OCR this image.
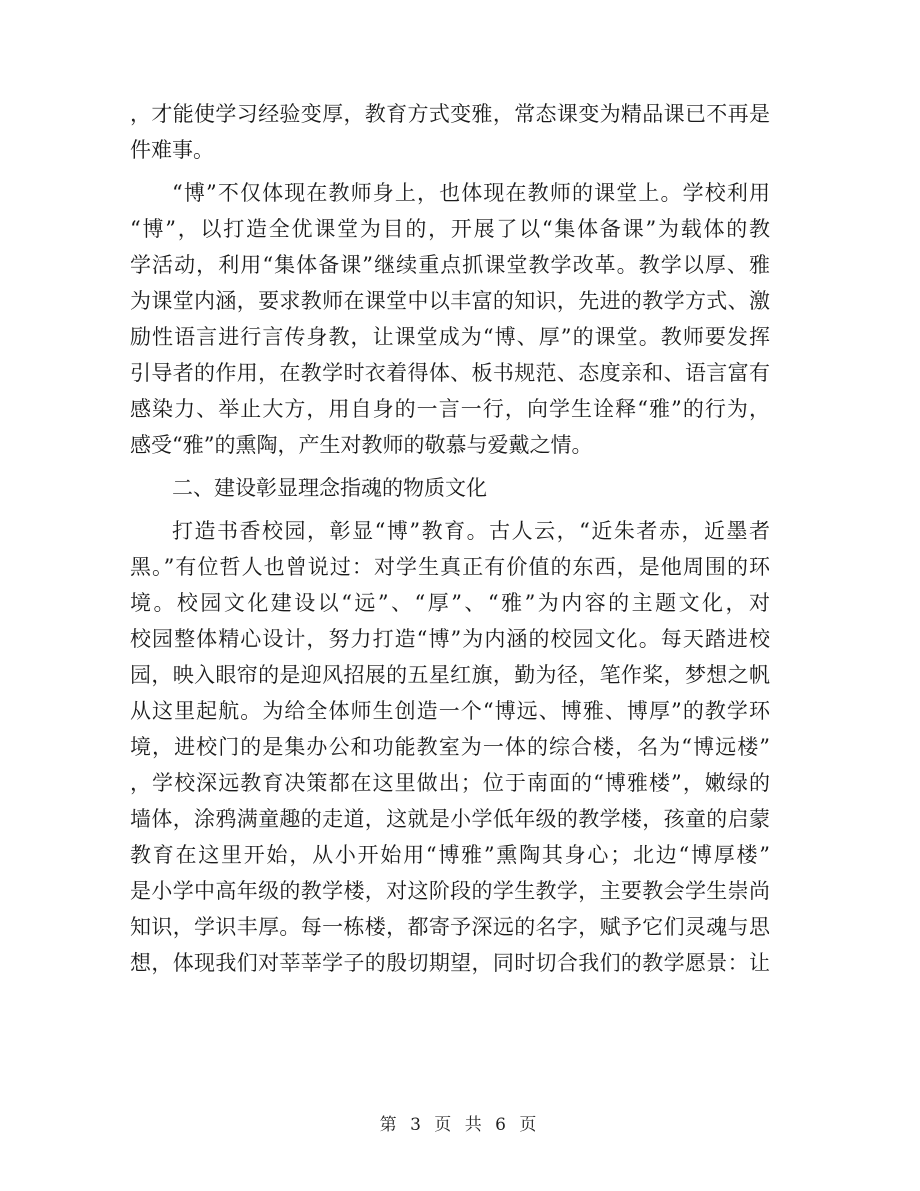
，才能使学习经验变厚，教育方式变雅，常态课变为精品课已不再是
件难事。
“博”不仅体现在教师身上，也体现在教师的课堂上。学校利用
“博”，以打造全优课堂为目的，开展了以“集体备课”为载体的教
学活动，利用“集体备课”继续重点抓课堂教学改革。教学以厚、雅
为课堂内涵，要求教师在课堂中以丰富的知识，先进的教学方式、激
励性语言进行言传身教，让课堂成为“博、厚”的课堂。教师要发挥
引导者的作用，在教学时衣着得体、板书规范、态度亲和、语言富有
感染力、举止大方，用自身的一言一行，向学生诠释“雅”的行为，
感受“雅”的熏陶，产生对教师的敬慕与爱戴之情。
二、建设彰显理念指魂的物质文化
打造书香校园，彰显“博”教育。古人云，“近朱者赤，近墨者
黑。”有位哲人也曾说过：对学生真正有价值的东西，是他周围的环
境。校园文化建设以“远”、“厚”、“雅”为内容的主题文化，对
校园整体精心设计，努力打造“博”为内涵的校园文化。每天踏进校
园，映入眼帘的是迎风招展的五星红旗，勤为径，笔作桨，梦想之帆
从这里起航。为给全体师生创造一个“博远、博雅、博厚”的教学环
境，进校门的是集办公和功能教室为一体的综合楼，名为“博远楼”
，学校深远教育决策都在这里做出；位于南面的“博雅楼”，嫩绿的
墙体，涂鸦满童趣的走道，这就是小学低年级的教学楼，孩童的启蒙
教育在这里开始，从小开始用“博雅”熏陶其身心；北边“博厚楼”
是小学中高年级的教学楼，对这阶段的学生教学，主要教会学生崇尚
知识，学识丰厚。每一栋楼，都寄予深远的名字，赋予它们灵魂与思
想，体现我们对莘莘学子的殷切期望，同时切合我们的教学愿景：让
第 3 页 共 6 页
